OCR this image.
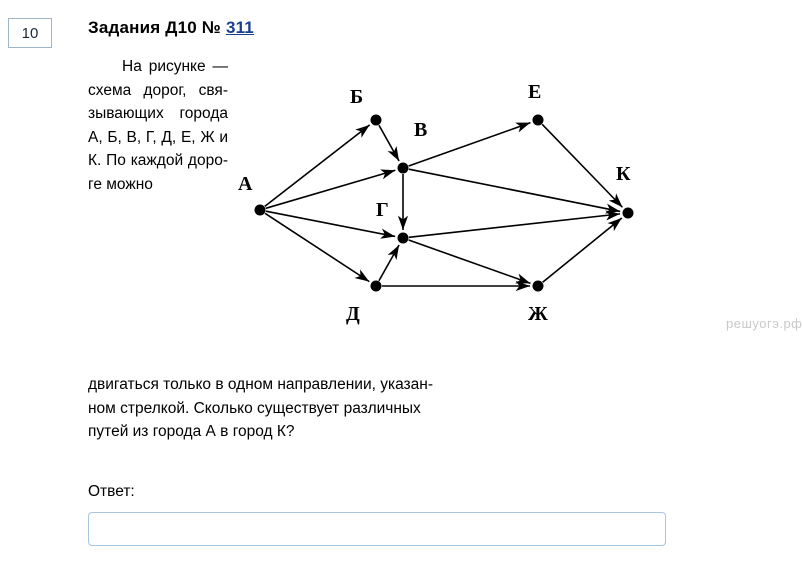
10	Задания Д10 № 311
На рисунке — схема дорог, связывающих города А, Б, В, Г, Д, Е, Ж и К. По каждой дороге можно
двигаться только в одном направлении, указан-
ном стрелкой. Сколько существует различных
путей из города А в город К?
А
Б
В
Е
К
Г
Д	Ж	решуогэ.рф
Ответ:
